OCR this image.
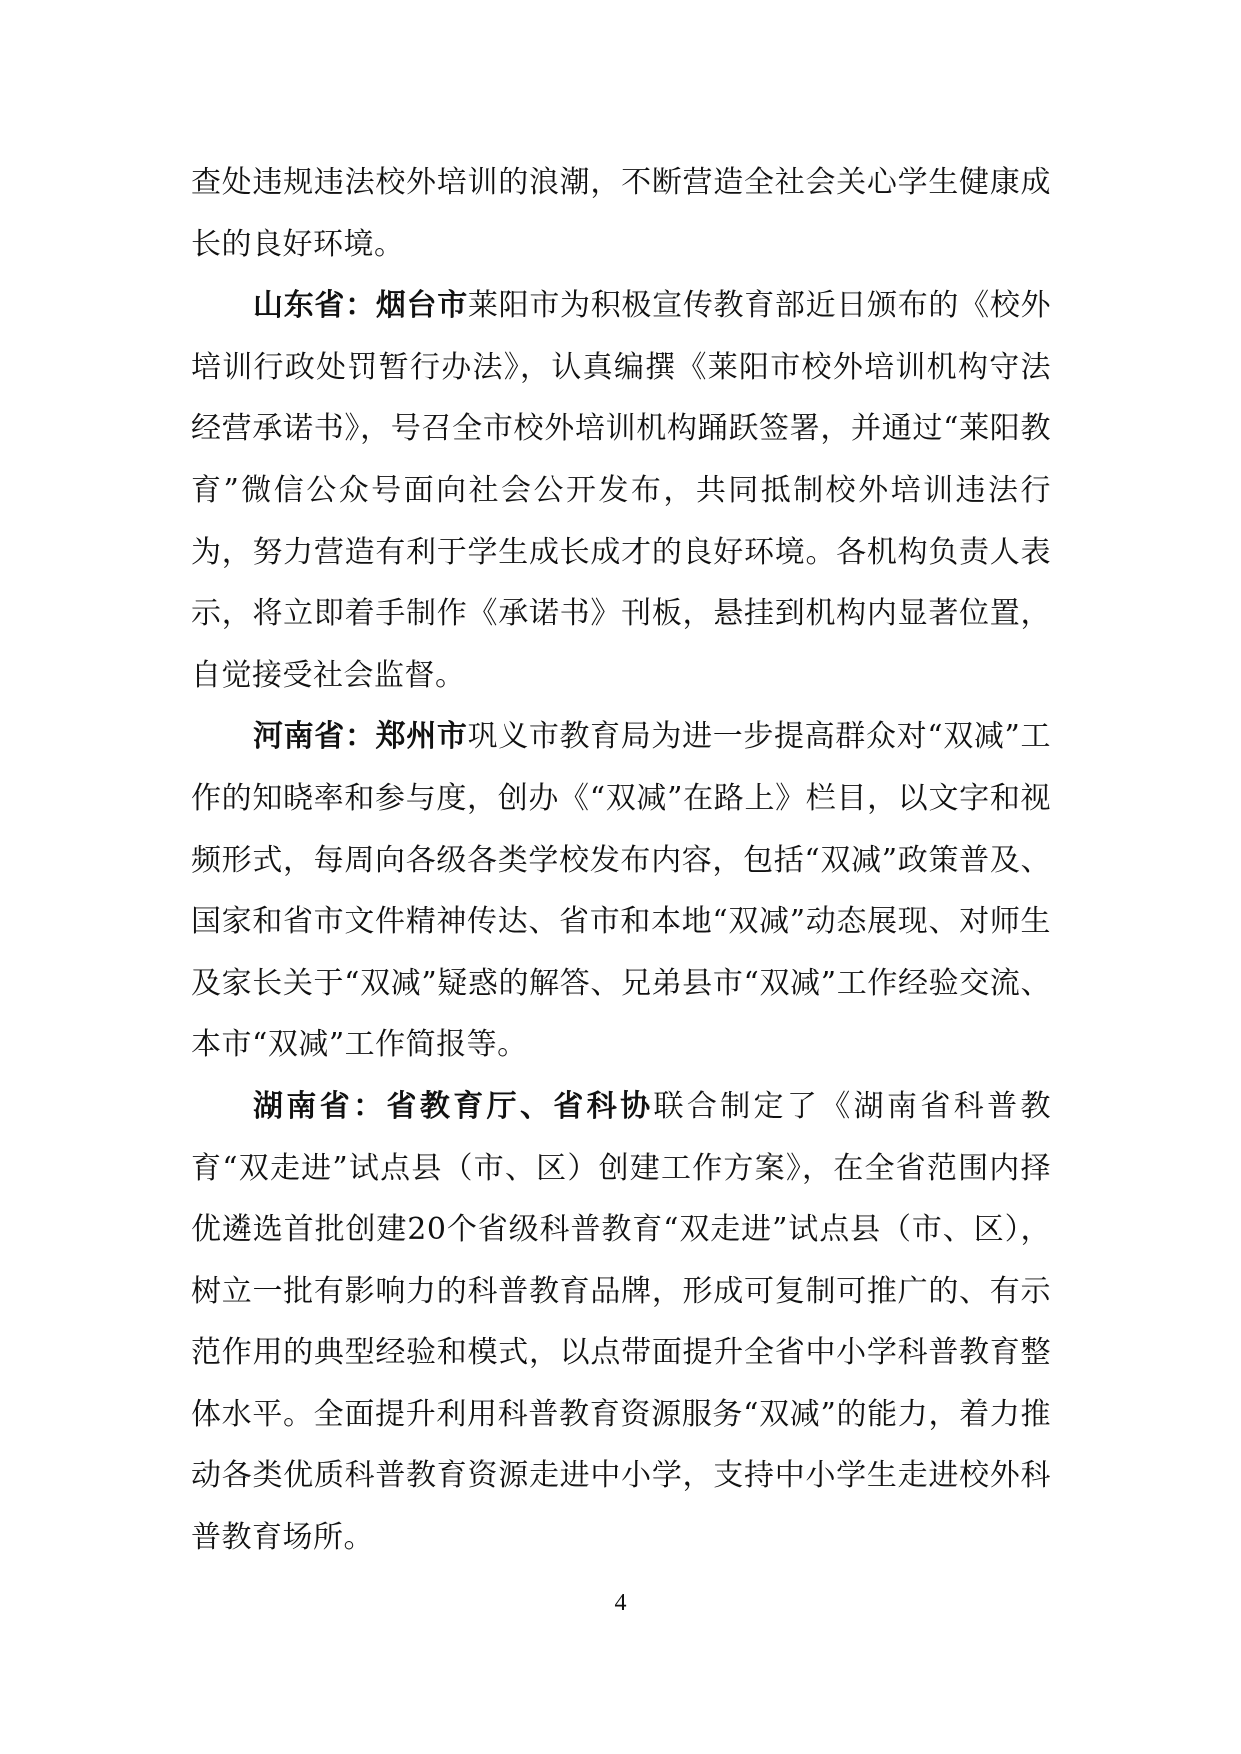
查处违规违法校外培训的浪潮，不断营造全社会关心学生健康成长的良好环境。

山东省：烟台市莱阳市为积极宣传教育部近日颁布的《校外培训行政处罚暂行办法》，认真编撰《莱阳市校外培训机构守法经营承诺书》，号召全市校外培训机构踊跃签署，并通过“莱阳教育”微信公众号面向社会公开发布，共同抵制校外培训违法行为，努力营造有利于学生成长成才的良好环境。各机构负责人表示，将立即着手制作《承诺书》刊板，悬挂到机构内显著位置，自觉接受社会监督。

河南省：郑州市巩义市教育局为进一步提高群众对“双减”工作的知晓率和参与度，创办《“双减”在路上》栏目，以文字和视频形式，每周向各级各类学校发布内容，包括“双减”政策普及、国家和省市文件精神传达、省市和本地“双减”动态展现、对师生及家长关于“双减”疑惑的解答、兄弟县市“双减”工作经验交流、本市“双减”工作简报等。

湖南省：省教育厅、省科协联合制定了《湖南省科普教育“双走进”试点县（市、区）创建工作方案》，在全省范围内择优遴选首批创建20个省级科普教育“双走进”试点县（市、区），树立一批有影响力的科普教育品牌，形成可复制可推广的、有示范作用的典型经验和模式，以点带面提升全省中小学科普教育整体水平。全面提升利用科普教育资源服务“双减”的能力，着力推动各类优质科普教育资源走进中小学，支持中小学生走进校外科普教育场所。

4
